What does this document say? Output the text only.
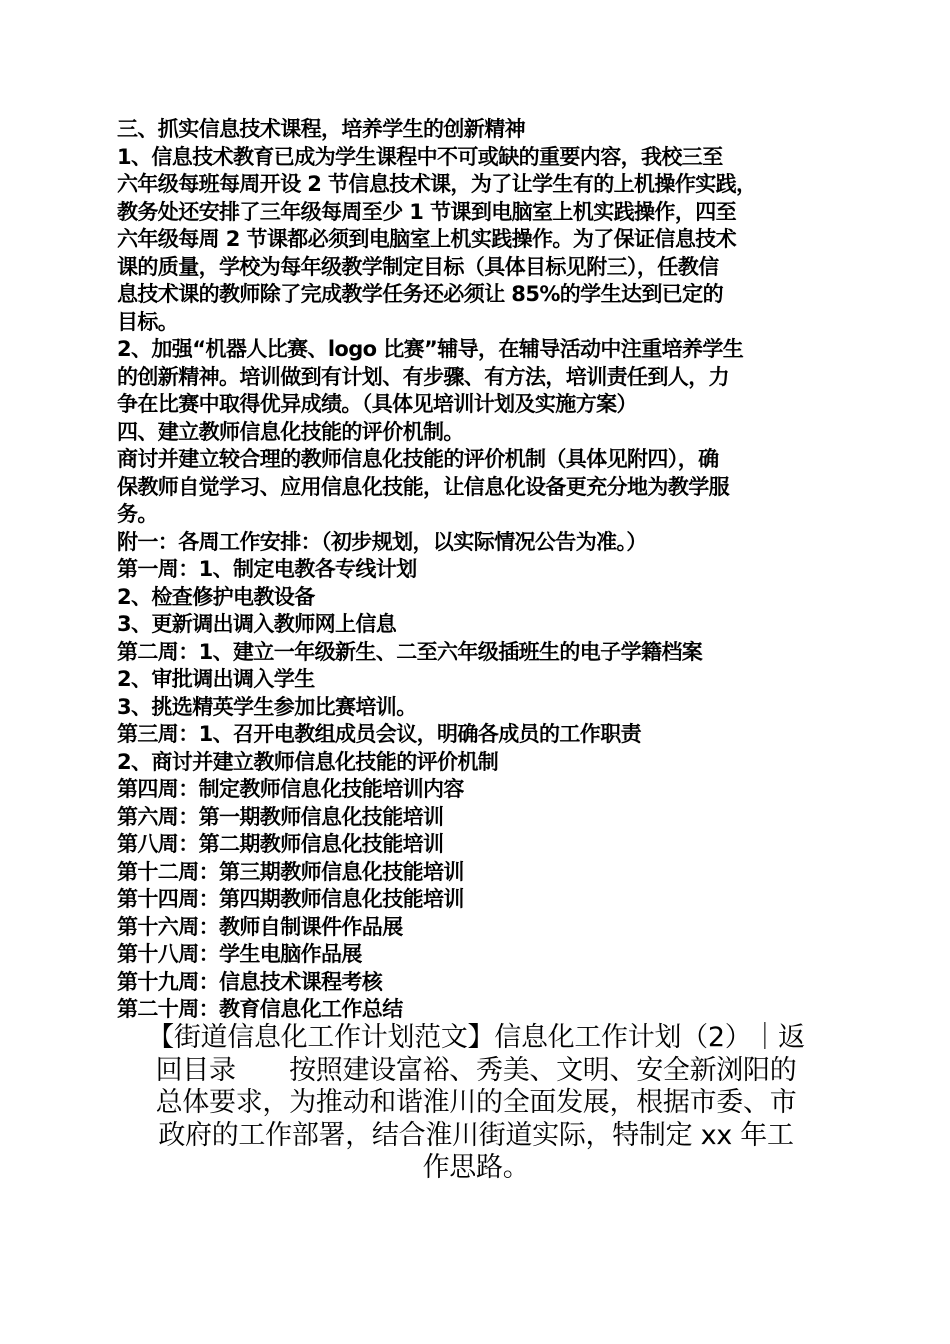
三、抓实信息技术课程，培养学生的创新精神
1、信息技术教育已成为学生课程中不可或缺的重要内容，我校三至
六年级每班每周开设 2 节信息技术课，为了让学生有的上机操作实践，
教务处还安排了三年级每周至少 1 节课到电脑室上机实践操作，四至
六年级每周 2 节课都必须到电脑室上机实践操作。为了保证信息技术
课的质量，学校为每年级教学制定目标（具体目标见附三），任教信
息技术课的教师除了完成教学任务还必须让 85%的学生达到已定的
目标。
2、加强“机器人比赛、logo 比赛”辅导，在辅导活动中注重培养学生
的创新精神。培训做到有计划、有步骤、有方法，培训责任到人，力
争在比赛中取得优异成绩。（具体见培训计划及实施方案）
四、建立教师信息化技能的评价机制。
商讨并建立较合理的教师信息化技能的评价机制（具体见附四），确
保教师自觉学习、应用信息化技能，让信息化设备更充分地为教学服
务。
附一：各周工作安排：（初步规划，以实际情况公告为准。）
第一周：1、制定电教各专线计划
2、检查修护电教设备
3、更新调出调入教师网上信息
第二周：1、建立一年级新生、二至六年级插班生的电子学籍档案
2、审批调出调入学生
3、挑选精英学生参加比赛培训。
第三周：1、召开电教组成员会议，明确各成员的工作职责
2、商讨并建立教师信息化技能的评价机制
第四周：制定教师信息化技能培训内容
第六周：第一期教师信息化技能培训
第八周：第二期教师信息化技能培训
第十二周：第三期教师信息化技能培训
第十四周：第四期教师信息化技能培训
第十六周：教师自制课件作品展
第十八周：学生电脑作品展
第十九周：信息技术课程考核
第二十周：教育信息化工作总结
【街道信息化工作计划范文】信息化工作计划（2）｜返
回目录　　按照建设富裕、秀美、文明、安全新浏阳的
总体要求，为推动和谐淮川的全面发展，根据市委、市
政府的工作部署，结合淮川街道实际，特制定 xx 年工
作思路。
